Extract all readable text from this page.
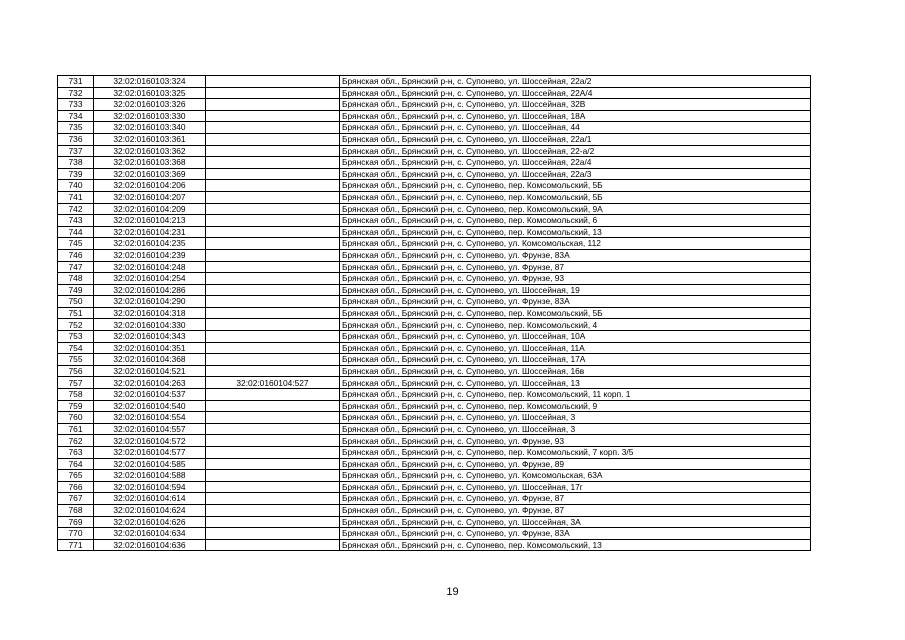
731	32:02:0160103:324		Брянская обл., Брянский р-н, с. Супонево, ул. Шоссейная, 22а/2
732	32:02:0160103:325		Брянская обл., Брянский р-н, с. Супонево, ул. Шоссейная, 22А/4
733	32:02:0160103:326		Брянская обл., Брянский р-н, с. Супонево, ул. Шоссейная, 32В
734	32:02:0160103:330		Брянская обл., Брянский р-н, с. Супонево, ул. Шоссейная, 18А
735	32:02:0160103:340		Брянская обл., Брянский р-н, с. Супонево, ул. Шоссейная, 44
736	32:02:0160103:361		Брянская обл., Брянский р-н, с. Супонево, ул. Шоссейная, 22а/1
737	32:02:0160103:362		Брянская обл., Брянский р-н, с. Супонево, ул. Шоссейная, 22-а/2
738	32:02:0160103:368		Брянская обл., Брянский р-н, с. Супонево, ул. Шоссейная, 22а/4
739	32:02:0160103:369		Брянская обл., Брянский р-н, с. Супонево, ул. Шоссейная, 22а/3
740	32:02:0160104:206		Брянская обл., Брянский р-н, с. Супонево, пер. Комсомольский, 5Б
741	32:02:0160104:207		Брянская обл., Брянский р-н, с. Супонево, пер. Комсомольский, 5Б
742	32:02:0160104:209		Брянская обл., Брянский р-н, с. Супонево, пер. Комсомольский, 9А
743	32:02:0160104:213		Брянская обл., Брянский р-н, с. Супонево, пер. Комсомольский, 6
744	32:02:0160104:231		Брянская обл., Брянский р-н, с. Супонево, пер. Комсомольский, 13
745	32:02:0160104:235		Брянская обл., Брянский р-н, с. Супонево, ул. Комсомольская, 112
746	32:02:0160104:239		Брянская обл., Брянский р-н, с. Супонево, ул. Фрунзе, 83А
747	32:02:0160104:248		Брянская обл., Брянский р-н, с. Супонево, ул. Фрунзе, 87
748	32:02:0160104:254		Брянская обл., Брянский р-н, с. Супонево, ул. Фрунзе, 93
749	32:02:0160104:286		Брянская обл., Брянский р-н, с. Супонево, ул. Шоссейная, 19
750	32:02:0160104:290		Брянская обл., Брянский р-н, с. Супонево, ул. Фрунзе, 83А
751	32:02:0160104:318		Брянская обл., Брянский р-н, с. Супонево, пер. Комсомольский, 5Б
752	32:02:0160104:330		Брянская обл., Брянский р-н, с. Супонево, пер. Комсомольский, 4
753	32:02:0160104:343		Брянская обл., Брянский р-н, с. Супонево, ул. Шоссейная, 10А
754	32:02:0160104:351		Брянская обл., Брянский р-н, с. Супонево, ул. Шоссейная, 11А
755	32:02:0160104:368		Брянская обл., Брянский р-н, с. Супонево, ул. Шоссейная, 17А
756	32:02:0160104:521		Брянская обл., Брянский р-н, с. Супонево, ул. Шоссейная, 16в
757	32:02:0160104:263	32:02:0160104:527	Брянская обл., Брянский р-н, с. Супонево, ул. Шоссейная, 13
758	32:02:0160104:537		Брянская обл., Брянский р-н, с. Супонево, пер. Комсомольский, 11 корп. 1
759	32:02:0160104:540		Брянская обл., Брянский р-н, с. Супонево, пер. Комсомольский, 9
760	32:02:0160104:554		Брянская обл., Брянский р-н, с. Супонево, ул. Шоссейная, 3
761	32:02:0160104:557		Брянская обл., Брянский р-н, с. Супонево, ул. Шоссейная, 3
762	32:02:0160104:572		Брянская обл., Брянский р-н, с. Супонево, ул. Фрунзе, 93
763	32:02:0160104:577		Брянская обл., Брянский р-н, с. Супонево, пер. Комсомольский, 7 корп. 3/5
764	32:02:0160104:585		Брянская обл., Брянский р-н, с. Супонево, ул. Фрунзе, 89
765	32:02:0160104:588		Брянская обл., Брянский р-н, с. Супонево, ул. Комсомольская, 63А
766	32:02:0160104:594		Брянская обл., Брянский р-н, с. Супонево, ул. Шоссейная, 17г
767	32:02:0160104:614		Брянская обл., Брянский р-н, с. Супонево, ул. Фрунзе, 87
768	32:02:0160104:624		Брянская обл., Брянский р-н, с. Супонево, ул. Фрунзе, 87
769	32:02:0160104:626		Брянская обл., Брянский р-н, с. Супонево, ул. Шоссейная, 3А
770	32:02:0160104:634		Брянская обл., Брянский р-н, с. Супонево, ул. Фрунзе, 83А
771	32:02:0160104:636		Брянская обл., Брянский р-н, с. Супонево, пер. Комсомольский, 13
19
